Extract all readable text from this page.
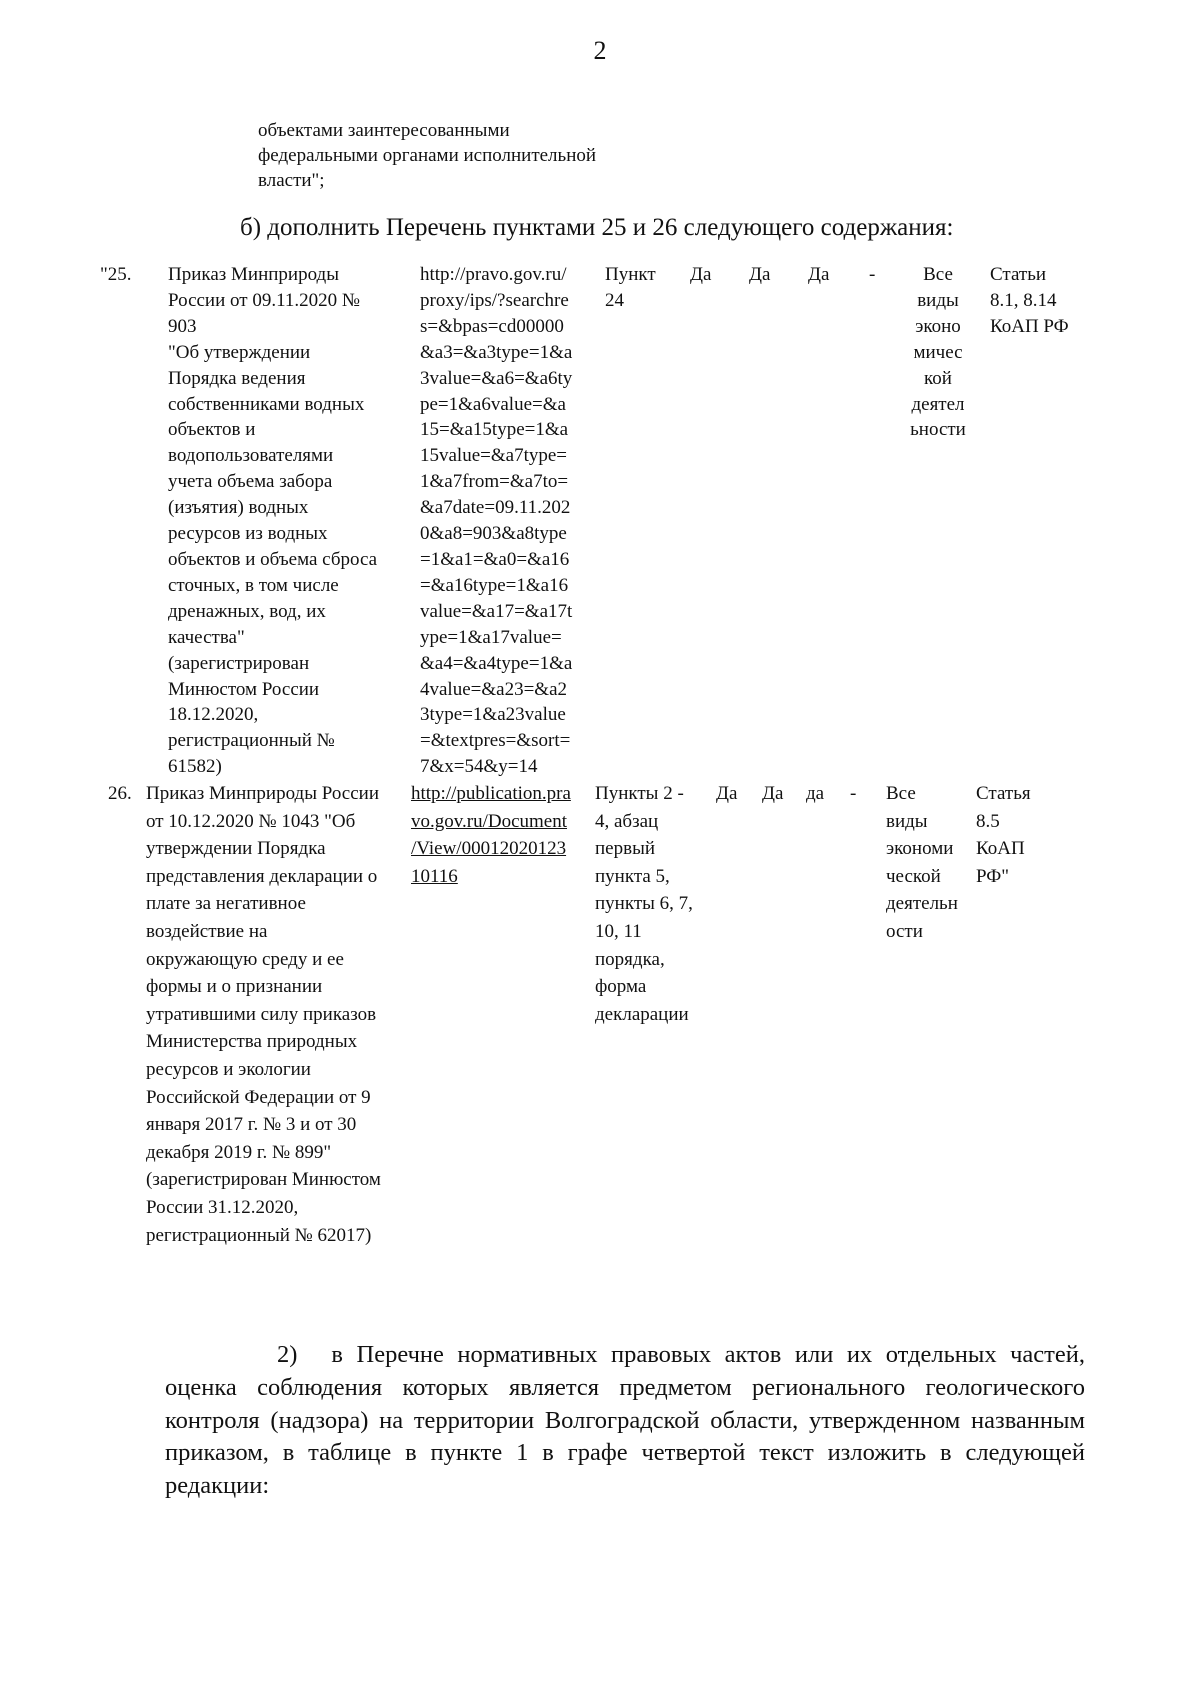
2
объектами заинтересованными
федеральными органами исполнительной
власти";
б) дополнить Перечень пунктами 25 и 26 следующего содержания:
"25. Приказ Минприроды
России от 09.11.2020 №
903
"Об утверждении
Порядка ведения
собственниками водных
объектов и
водопользователями
учета объема забора
(изъятия) водных
ресурсов из водных
объектов и объема сброса
сточных, в том числе
дренажных, вод, их
качества"
(зарегистрирован
Минюстом России
18.12.2020,
регистрационный №
61582)
http://pravo.gov.ru/
proxy/ips/?searchre
s=&bpas=cd00000
&a3=&a3type=1&a
3value=&a6=&a6ty
pe=1&a6value=&a
15=&a15type=1&a
15value=&a7type=
1&a7from=&a7to=
&a7date=09.11.202
0&a8=903&a8type
=1&a1=&a0=&a16
=&a16type=1&a16
value=&a17=&a17t
ype=1&a17value=
&a4=&a4type=1&a
4value=&a23=&a2
3type=1&a23value
=&textpres=&sort=
7&x=54&y=14
Пункт
24
Да Да Да -	Все
виды
эконо
мичес
кой
деятел
ьности
Статьи
8.1, 8.14
КоАП РФ
26. Приказ Минприроды России
от 10.12.2020 № 1043 "Об
утверждении Порядка
представления декларации о
плате за негативное
воздействие на
окружающую среду и ее
формы и о признании
утратившими силу приказов
Министерства природных
ресурсов и экологии
Российской Федерации от 9
января 2017 г. № 3 и от 30
декабря 2019 г. № 899"
(зарегистрирован Минюстом
России 31.12.2020,
регистрационный № 62017)
http://publication.pra
vo.gov.ru/Document
/View/00012020123
10116
Пункты 2 -
4, абзац
первый
пункта 5,
пункты 6, 7,
10, 11
порядка,
форма
декларации
Да Да да - Все
виды
экономи
ческой
деятельн
ости
Статья
8.5
КоАП
РФ"
2) в Перечне нормативных правовых актов или их отдельных частей, оценка соблюдения которых является предметом регионального геологического контроля (надзора) на территории Волгоградской области, утвержденном названным приказом, в таблице в пункте 1 в графе четвертой текст изложить в следующей редакции:
